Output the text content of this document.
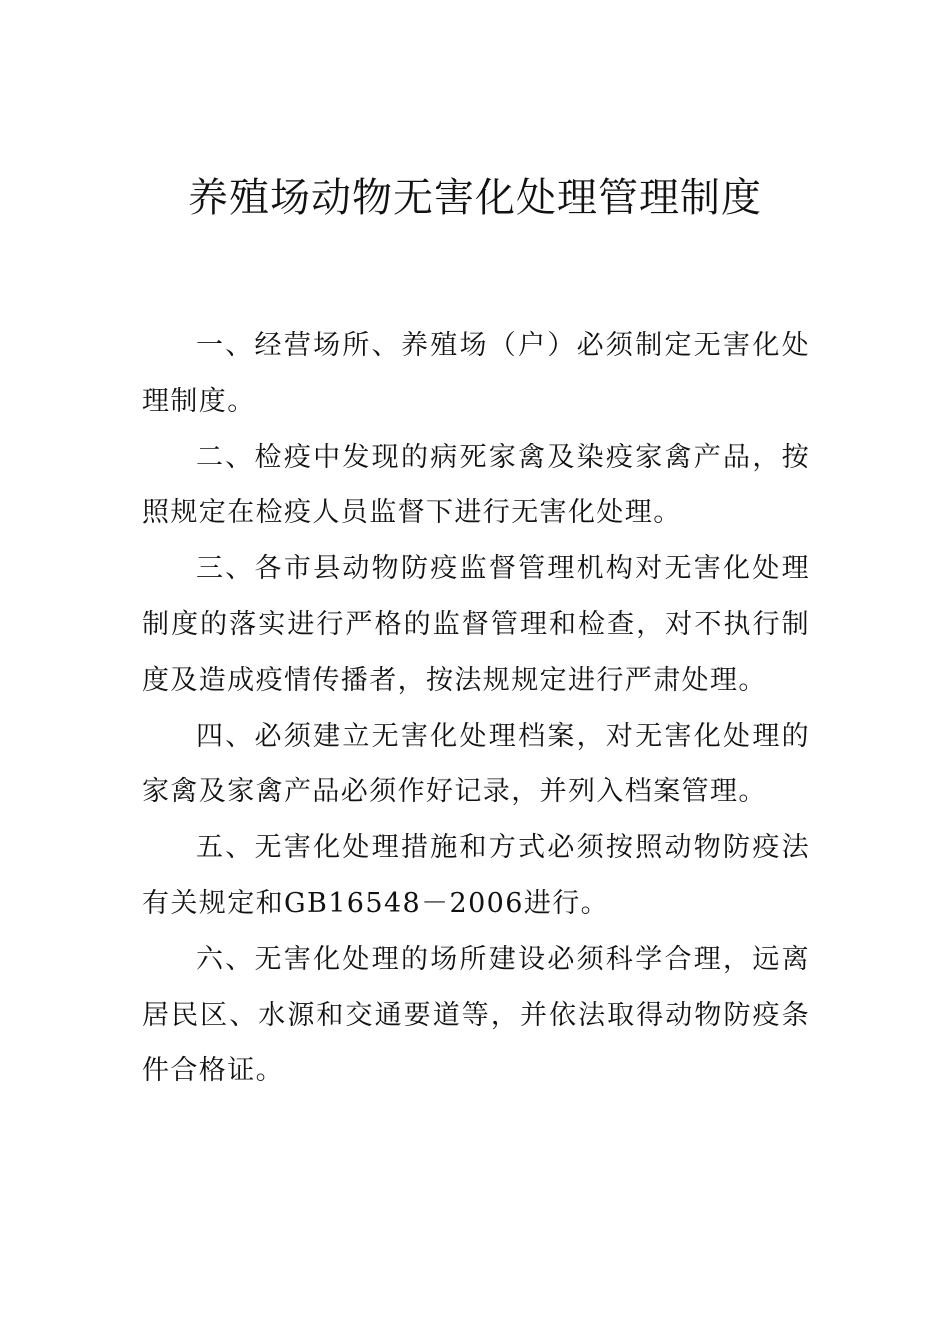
养殖场动物无害化处理管理制度

一、经营场所、养殖场（户）必须制定无害化处理制度。

二、检疫中发现的病死家禽及染疫家禽产品，按照规定在检疫人员监督下进行无害化处理。

三、各市县动物防疫监督管理机构对无害化处理制度的落实进行严格的监督管理和检查，对不执行制度及造成疫情传播者，按法规规定进行严肃处理。

四、必须建立无害化处理档案，对无害化处理的家禽及家禽产品必须作好记录，并列入档案管理。

五、无害化处理措施和方式必须按照动物防疫法有关规定和GB16548－2006进行。

六、无害化处理的场所建设必须科学合理，远离居民区、水源和交通要道等，并依法取得动物防疫条件合格证。
